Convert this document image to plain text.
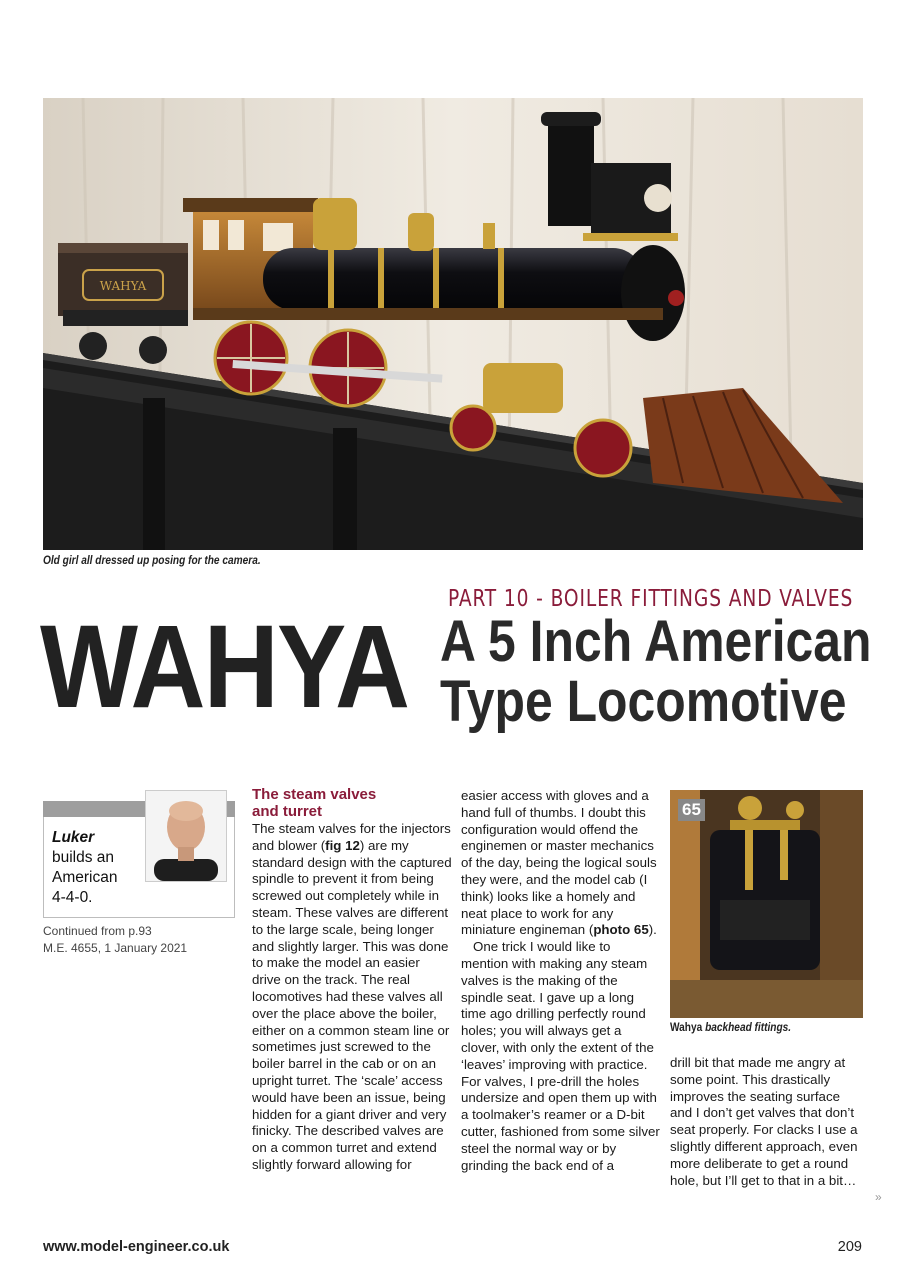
WAHYA
Old girl all dressed up posing for the camera.
PART 10 - BOILER FITTINGS AND VALVES
WAHYA A 5 Inch American
Type Locomotive
Luker
builds an
American
4-4-0.
Continued from p.93
M.E. 4655, 1 January 2021
The steam valves
and turret

The steam valves for the injectors and blower (fig 12) are my standard design with the captured spindle to prevent it from being screwed out completely while in steam. These valves are different to the large scale, being longer and slightly larger. This was done to make the model an easier drive on the track. The real locomotives had these valves all over the place above the boiler, either on a common steam line or sometimes just screwed to the boiler barrel in the cab or on an upright turret. The ‘scale’ access would have been an issue, being hidden for a giant driver and very finicky. The described valves are on a common turret and extend slightly forward allowing for

easier access with gloves and a hand full of thumbs. I doubt this configuration would offend the enginemen or master mechanics of the day, being the logical souls they were, and the model cab (I think) looks like a homely and neat place to work for any miniature engineman (photo 65).

One trick I would like to mention with making any steam valves is the making of the spindle seat. I gave up a long time ago drilling perfectly round holes; you will always get a clover, with only the extent of the ‘leaves’ improving with practice. For valves, I pre-drill the holes undersize and open them up with a toolmaker’s reamer or a D-bit cutter, fashioned from some silver steel the normal way or by grinding the back end of a

65
Wahya backhead fittings.

drill bit that made me angry at some point. This drastically improves the seating surface and I don’t get valves that don’t seat properly. For clacks I use a slightly different approach, even more deliberate to get a round hole, but I’ll get to that in a bit…

»
www.model-engineer.co.uk	209
